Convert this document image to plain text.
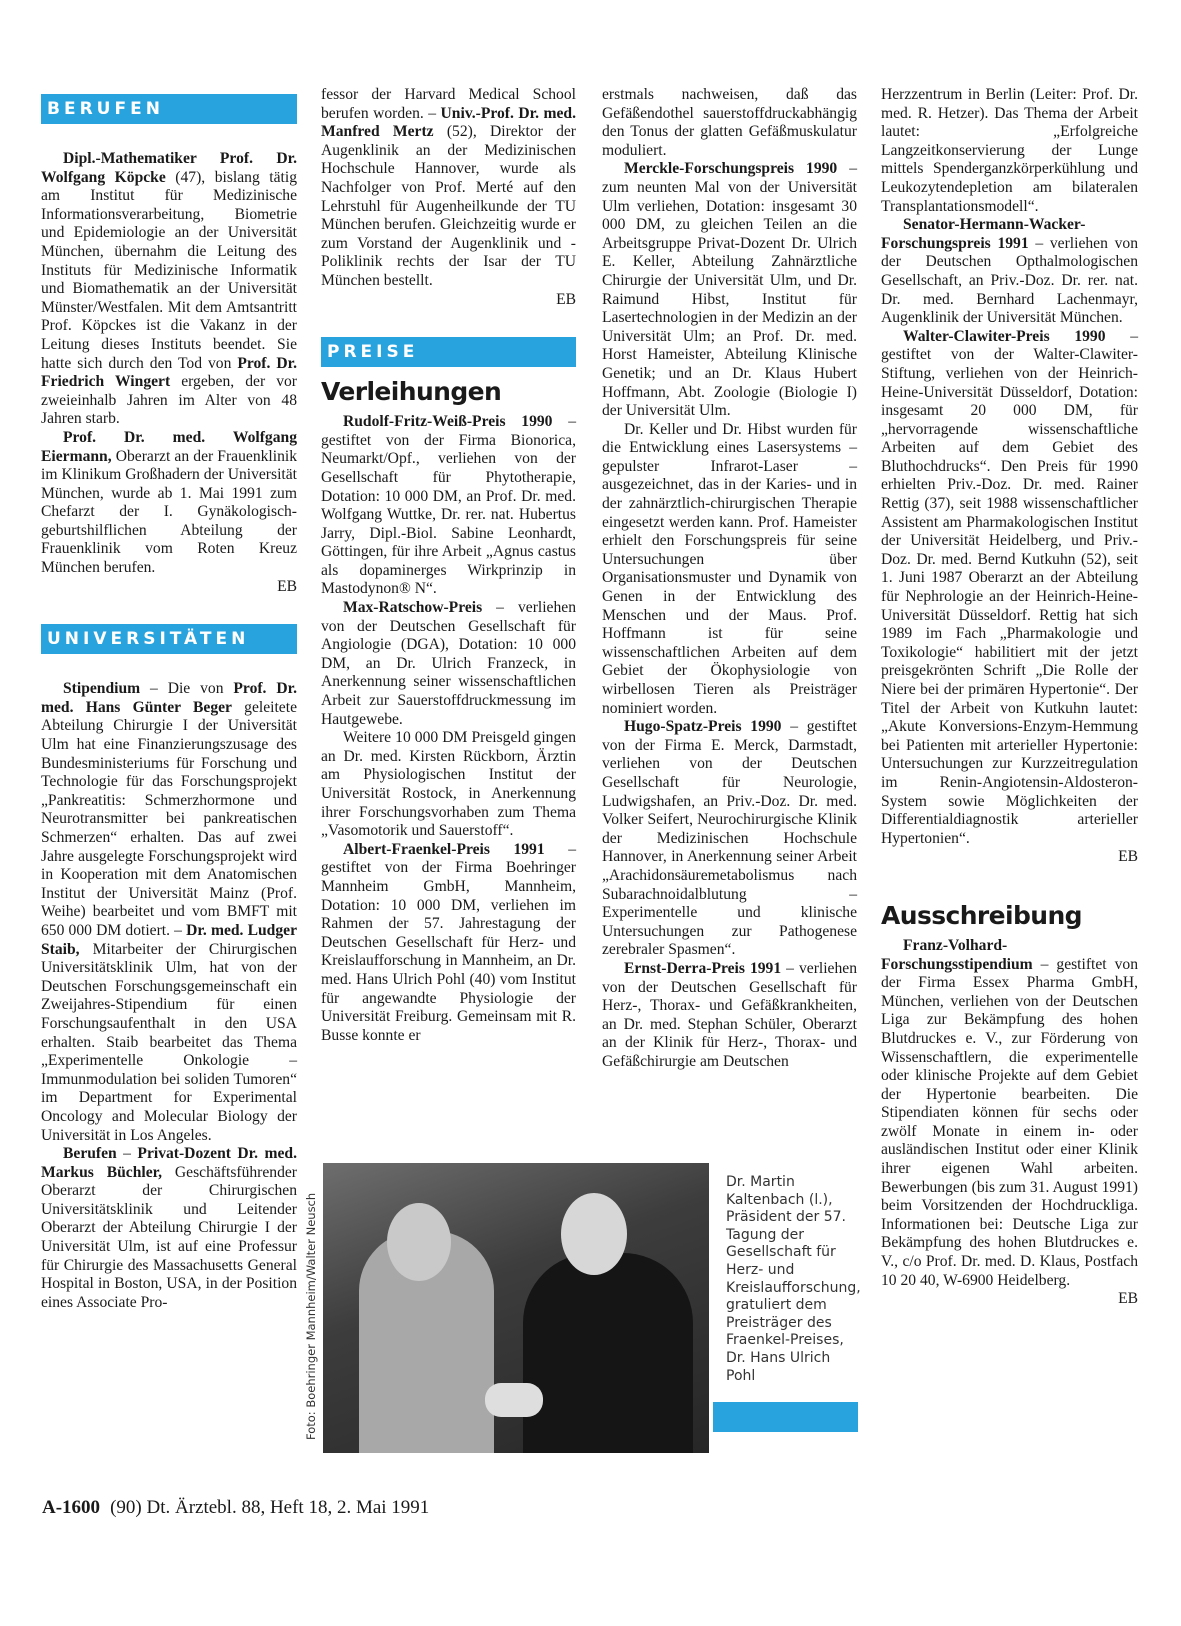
BERUFEN

Dipl.-Mathematiker Prof. Dr. Wolfgang Köpcke (47), bislang tätig am Institut für Medizinische Informationsverarbeitung, Biometrie und Epidemiologie an der Universität München, übernahm die Leitung des Instituts für Medizinische Informatik und Biomathematik an der Universität Münster/Westfalen. Mit dem Amtsantritt Prof. Köpckes ist die Vakanz in der Leitung dieses Instituts beendet. Sie hatte sich durch den Tod von Prof. Dr. Friedrich Wingert ergeben, der vor zweieinhalb Jahren im Alter von 48 Jahren starb.

Prof. Dr. med. Wolfgang Eiermann, Oberarzt an der Frauenklinik im Klinikum Großhadern der Universität München, wurde ab 1. Mai 1991 zum Chefarzt der I. Gynäkologisch-geburtshilflichen Abteilung der Frauenklinik vom Roten Kreuz München berufen.

EB

UNIVERSITÄTEN

Stipendium – Die von Prof. Dr. med. Hans Günter Beger geleitete Abteilung Chirurgie I der Universität Ulm hat eine Finanzierungszusage des Bundesministeriums für Forschung und Technologie für das Forschungsprojekt „Pankreatitis: Schmerzhormone und Neurotransmitter bei pankreatischen Schmerzen“ erhalten. Das auf zwei Jahre ausgelegte Forschungsprojekt wird in Kooperation mit dem Anatomischen Institut der Universität Mainz (Prof. Weihe) bearbeitet und vom BMFT mit 650 000 DM dotiert. – Dr. med. Ludger Staib, Mitarbeiter der Chirurgischen Universitätsklinik Ulm, hat von der Deutschen Forschungsgemeinschaft ein Zweijahres-Stipendium für einen Forschungsaufenthalt in den USA erhalten. Staib bearbeitet das Thema „Experimentelle Onkologie – Immunmodulation bei soliden Tumoren“ im Department for Experimental Oncology and Molecular Biology der Universität in Los Angeles.

Berufen – Privat-Dozent Dr. med. Markus Büchler, Geschäftsführender Oberarzt der Chirurgischen Universitätsklinik und Leitender Oberarzt der Abteilung Chirurgie I der Universität Ulm, ist auf eine Professur für Chirurgie des Massachusetts General Hospital in Boston, USA, in der Position eines Associate Pro-

fessor der Harvard Medical School berufen worden. – Univ.-Prof. Dr. med. Manfred Mertz (52), Direktor der Augenklinik an der Medizinischen Hochschule Hannover, wurde als Nachfolger von Prof. Merté auf den Lehrstuhl für Augenheilkunde der TU München berufen. Gleichzeitig wurde er zum Vorstand der Augenklinik und -Poliklinik rechts der Isar der TU München bestellt.

EB

PREISE
Verleihungen

Rudolf-Fritz-Weiß-Preis 1990 – gestiftet von der Firma Bionorica, Neumarkt/Opf., verliehen von der Gesellschaft für Phytotherapie, Dotation: 10 000 DM, an Prof. Dr. med. Wolfgang Wuttke, Dr. rer. nat. Hubertus Jarry, Dipl.-Biol. Sabine Leonhardt, Göttingen, für ihre Arbeit „Agnus castus als dopaminerges Wirkprinzip in Mastodynon® N“.

Max-Ratschow-Preis – verliehen von der Deutschen Gesellschaft für Angiologie (DGA), Dotation: 10 000 DM, an Dr. Ulrich Franzeck, in Anerkennung seiner wissenschaftlichen Arbeit zur Sauerstoffdruckmessung im Hautgewebe.

Weitere 10 000 DM Preisgeld gingen an Dr. med. Kirsten Rückborn, Ärztin am Physiologischen Institut der Universität Rostock, in Anerkennung ihrer Forschungsvorhaben zum Thema „Vasomotorik und Sauerstoff“.

Albert-Fraenkel-Preis 1991 – gestiftet von der Firma Boehringer Mannheim GmbH, Mannheim, Dotation: 10 000 DM, verliehen im Rahmen der 57. Jahrestagung der Deutschen Gesellschaft für Herz- und Kreislaufforschung in Mannheim, an Dr. med. Hans Ulrich Pohl (40) vom Institut für angewandte Physiologie der Universität Freiburg. Gemeinsam mit R. Busse konnte er

erstmals nachweisen, daß das Gefäßendothel sauerstoffdruckabhängig den Tonus der glatten Gefäßmuskulatur moduliert.

Merckle-Forschungspreis 1990 – zum neunten Mal von der Universität Ulm verliehen, Dotation: insgesamt 30 000 DM, zu gleichen Teilen an die Arbeitsgruppe Privat-Dozent Dr. Ulrich E. Keller, Abteilung Zahnärztliche Chirurgie der Universität Ulm, und Dr. Raimund Hibst, Institut für Lasertechnologien in der Medizin an der Universität Ulm; an Prof. Dr. med. Horst Hameister, Abteilung Klinische Genetik; und an Dr. Klaus Hubert Hoffmann, Abt. Zoologie (Biologie I) der Universität Ulm.

Dr. Keller und Dr. Hibst wurden für die Entwicklung eines Lasersystems – gepulster Infrarot-Laser – ausgezeichnet, das in der Karies- und in der zahnärztlich-chirurgischen Therapie eingesetzt werden kann. Prof. Hameister erhielt den Forschungspreis für seine Untersuchungen über Organisationsmuster und Dynamik von Genen in der Entwicklung des Menschen und der Maus. Prof. Hoffmann ist für seine wissenschaftlichen Arbeiten auf dem Gebiet der Ökophysiologie von wirbellosen Tieren als Preisträger nominiert worden.

Hugo-Spatz-Preis 1990 – gestiftet von der Firma E. Merck, Darmstadt, verliehen von der Deutschen Gesellschaft für Neurologie, Ludwigshafen, an Priv.-Doz. Dr. med. Volker Seifert, Neurochirurgische Klinik der Medizinischen Hochschule Hannover, in Anerkennung seiner Arbeit „Arachidonsäuremetabolismus nach Subarachnoidalblutung – Experimentelle und klinische Untersuchungen zur Pathogenese zerebraler Spasmen“.

Ernst-Derra-Preis 1991 – verliehen von der Deutschen Gesellschaft für Herz-, Thorax- und Gefäßkrankheiten, an Dr. med. Stephan Schüler, Oberarzt an der Klinik für Herz-, Thorax- und Gefäßchirurgie am Deutschen

Herzzentrum in Berlin (Leiter: Prof. Dr. med. R. Hetzer). Das Thema der Arbeit lautet: „Erfolgreiche Langzeitkonservierung der Lunge mittels Spenderganzkörperkühlung und Leukozytendepletion am bilateralen Transplantationsmodell“.

Senator-Hermann-Wacker-Forschungspreis 1991 – verliehen von der Deutschen Opthalmologischen Gesellschaft, an Priv.-Doz. Dr. rer. nat. Dr. med. Bernhard Lachenmayr, Augenklinik der Universität München.

Walter-Clawiter-Preis 1990 – gestiftet von der Walter-Clawiter-Stiftung, verliehen von der Heinrich-Heine-Universität Düsseldorf, Dotation: insgesamt 20 000 DM, für „hervorragende wissenschaftliche Arbeiten auf dem Gebiet des Bluthochdrucks“. Den Preis für 1990 erhielten Priv.-Doz. Dr. med. Rainer Rettig (37), seit 1988 wissenschaftlicher Assistent am Pharmakologischen Institut der Universität Heidelberg, und Priv.-Doz. Dr. med. Bernd Kutkuhn (52), seit 1. Juni 1987 Oberarzt an der Abteilung für Nephrologie an der Heinrich-Heine-Universität Düsseldorf. Rettig hat sich 1989 im Fach „Pharmakologie und Toxikologie“ habilitiert mit der jetzt preisgekrönten Schrift „Die Rolle der Niere bei der primären Hypertonie“. Der Titel der Arbeit von Kutkuhn lautet: „Akute Konversions-Enzym-Hemmung bei Patienten mit arterieller Hypertonie: Untersuchungen zur Kurzzeitregulation im Renin-Angiotensin-Aldosteron-System sowie Möglichkeiten der Differentialdiagnostik arterieller Hypertonien“.

EB

Ausschreibung

Franz-Volhard-Forschungsstipendium – gestiftet von der Firma Essex Pharma GmbH, München, verliehen von der Deutschen Liga zur Bekämpfung des hohen Blutdruckes e. V., zur Förderung von Wissenschaftlern, die experimentelle oder klinische Projekte auf dem Gebiet der Hypertonie bearbeiten. Die Stipendiaten können für sechs oder zwölf Monate in einem in- oder ausländischen Institut oder einer Klinik ihrer eigenen Wahl arbeiten. Bewerbungen (bis zum 31. August 1991) beim Vorsitzenden der Hochdruckliga. Informationen bei: Deutsche Liga zur Bekämpfung des hohen Blutdruckes e. V., c/o Prof. Dr. med. D. Klaus, Postfach 10 20 40, W-6900 Heidelberg.

EB

Foto: Boehringer Mannheim/Walter Neusch
Dr. Martin Kaltenbach (l.), Präsident der 57. Tagung der Gesellschaft für Herz- und Kreislaufforschung, gratuliert dem Preisträger des Fraenkel-Preises, Dr. Hans Ulrich Pohl
A-1600 (90) Dt. Ärztebl. 88, Heft 18, 2. Mai 1991
